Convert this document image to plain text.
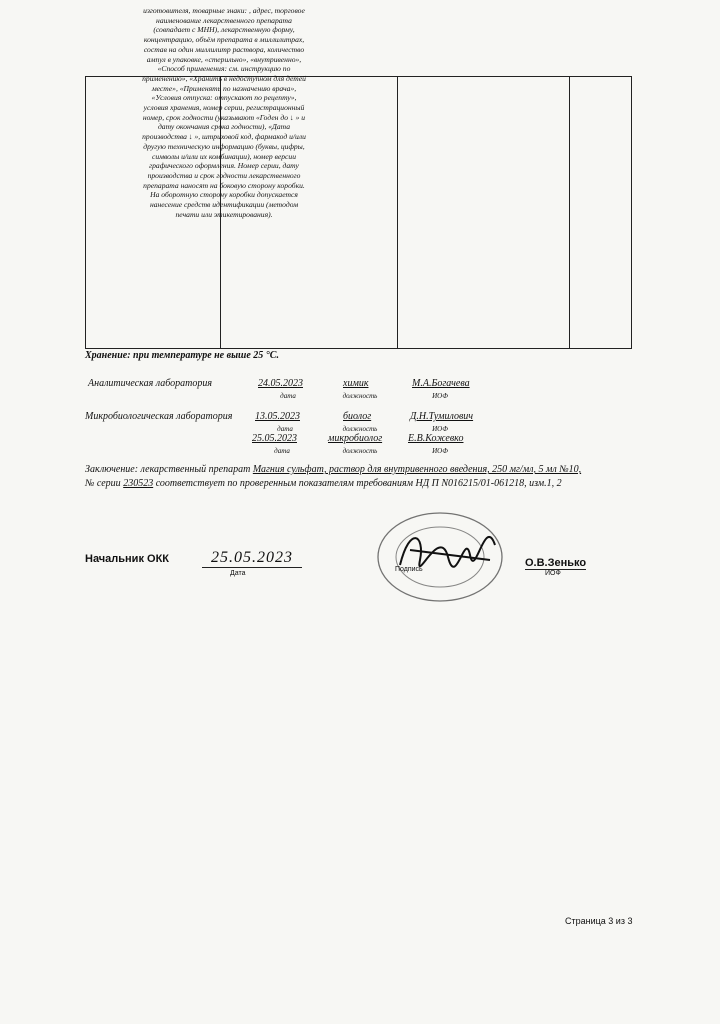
изготовителя, товарные знаки: , адрес, торговое наименование лекарственного препарата (совпадает с МНН), лекарственную форму, концентрацию, объём препарата в миллилитрах, состав на один миллилитр раствора, количество ампул в упаковке, «стерильно», «внутривенно», «Способ применения: см. инструкцию по применению», «Хранить в недоступном для детей месте», «Применять по назначению врача», «Условия отпуска: отпускают по рецепту», условия хранения, номер серии, регистрационный номер, срок годности (указывают «Годен до ↓ » и дату окончания срока годности), «Дата производства ↓ », штриховой код, фармакод и/или другую техническую информацию (буквы, цифры, символы и/или их комбинации), номер версии графического оформления. Номер серии, дату производства и срок годности лекарственного препарата наносят на боковую сторону коробки. На оборотную сторону коробки допускается нанесение средств идентификации (методом печати или этикетирования).
Хранение: при температуре не выше 25 °С.
Аналитическая лаборатория	24.05.2023
дата
химик
должность
М.А.Богачева
ИОФ
Микробиологическая лаборатория 13.05.2023
дата
биолог
должность
Д.Н.Тумилович
ИОФ
25.05.2023
дата
микробиолог
должность
Е.В.Кожевко
ИОФ
Заключение: лекарственный препарат Магния сульфат, раствор для внутривенного введения, 250 мг/мл, 5 мл №10,
№ серии 230523 соответствует по проверенным показателям требованиям НД П N016215/01-061218, изм.1, 2
Начальник ОКК	25.05.2023
Дата
Подпись
О.В.Зенько
ИОФ
Страница 3 из 3
